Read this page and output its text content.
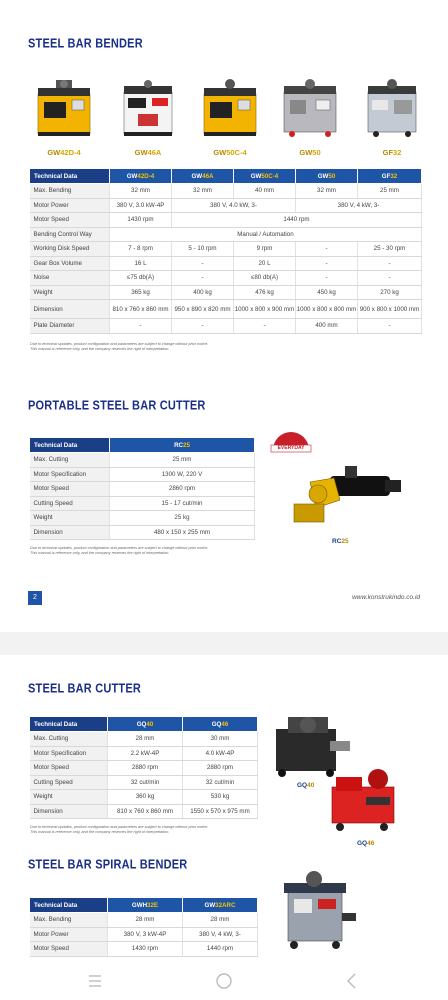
STEEL BAR BENDER
GW42D-4	GW46A	GW50C-4	GW50	GF32
Technical Data	GW42D-4	GW46A	GW50C-4	GW50	GF32
Max. Bending	32 mm	32 mm	40 mm	32 mm	25 mm
Motor Power	380 V, 3.0 kW-4P	380 V, 4.0 kW, 3-		380 V, 4 kW, 3-	
Motor Speed	1430 rpm	1440 rpm			
Bending Control Way	Manual / Automation				
Working Disk Speed	7 - 8 rpm	5 - 10 rpm	9 rpm	-	25 - 30 rpm
Gear Box Volume	16 L	-	20 L	-	-
Noise	≤75 db(A)	-	≤80 db(A)	-	-
Weight	365 kg	400 kg	476 kg	450 kg	270 kg
Dimension	810 x 760 x 860 mm	950 x 890 x 820 mm	1000 x 800 x 900 mm	1000 x 800 x 800 mm	900 x 800 x 1000 mm
Plate Diameter	-	-	-	400 mm	-
Due to technical updates, product configuration and parameters are subject to change without prior notice.
This manual is reference only, and the company reserves the right of interpretation.
PORTABLE STEEL BAR CUTTER
Technical Data	RC25
Max. Cutting	25 mm
Motor Specification	1300 W, 220 V
Motor Speed	2860 rpm
Cutting Speed	15 - 17 cut/min
Weight	25 kg
Dimension	480 x 150 x 255 mm
Due to technical updates, product configuration and parameters are subject to change without prior notice.
This manual is reference only, and the company reserves the right of interpretation.
EVERYDAY
RC25
2	www.konstrukindo.co.id
STEEL BAR CUTTER
Technical Data	GQ40	GQ46
Max. Cutting	28 mm	30 mm
Motor Specification	2.2 kW-4P	4.0 kW-4P
Motor Speed	2880 rpm	2880 rpm
Cutting Speed	32 cut/min	32 cut/min
Weight	360 kg	530 kg
Dimension	810 x 760 x 860 mm	1550 x 570 x 975 mm
Due to technical updates, product configuration and parameters are subject to change without prior notice.
This manual is reference only, and the company reserves the right of interpretation.
GQ40
GQ46
STEEL BAR SPIRAL BENDER
Technical Data	GWH32E	GW32ARC
Max. Bending	28 mm	28 mm
Motor Power	380 V, 3 kW-4P	380 V, 4 kW, 3-
Motor Speed	1430 rpm	1440 rpm
